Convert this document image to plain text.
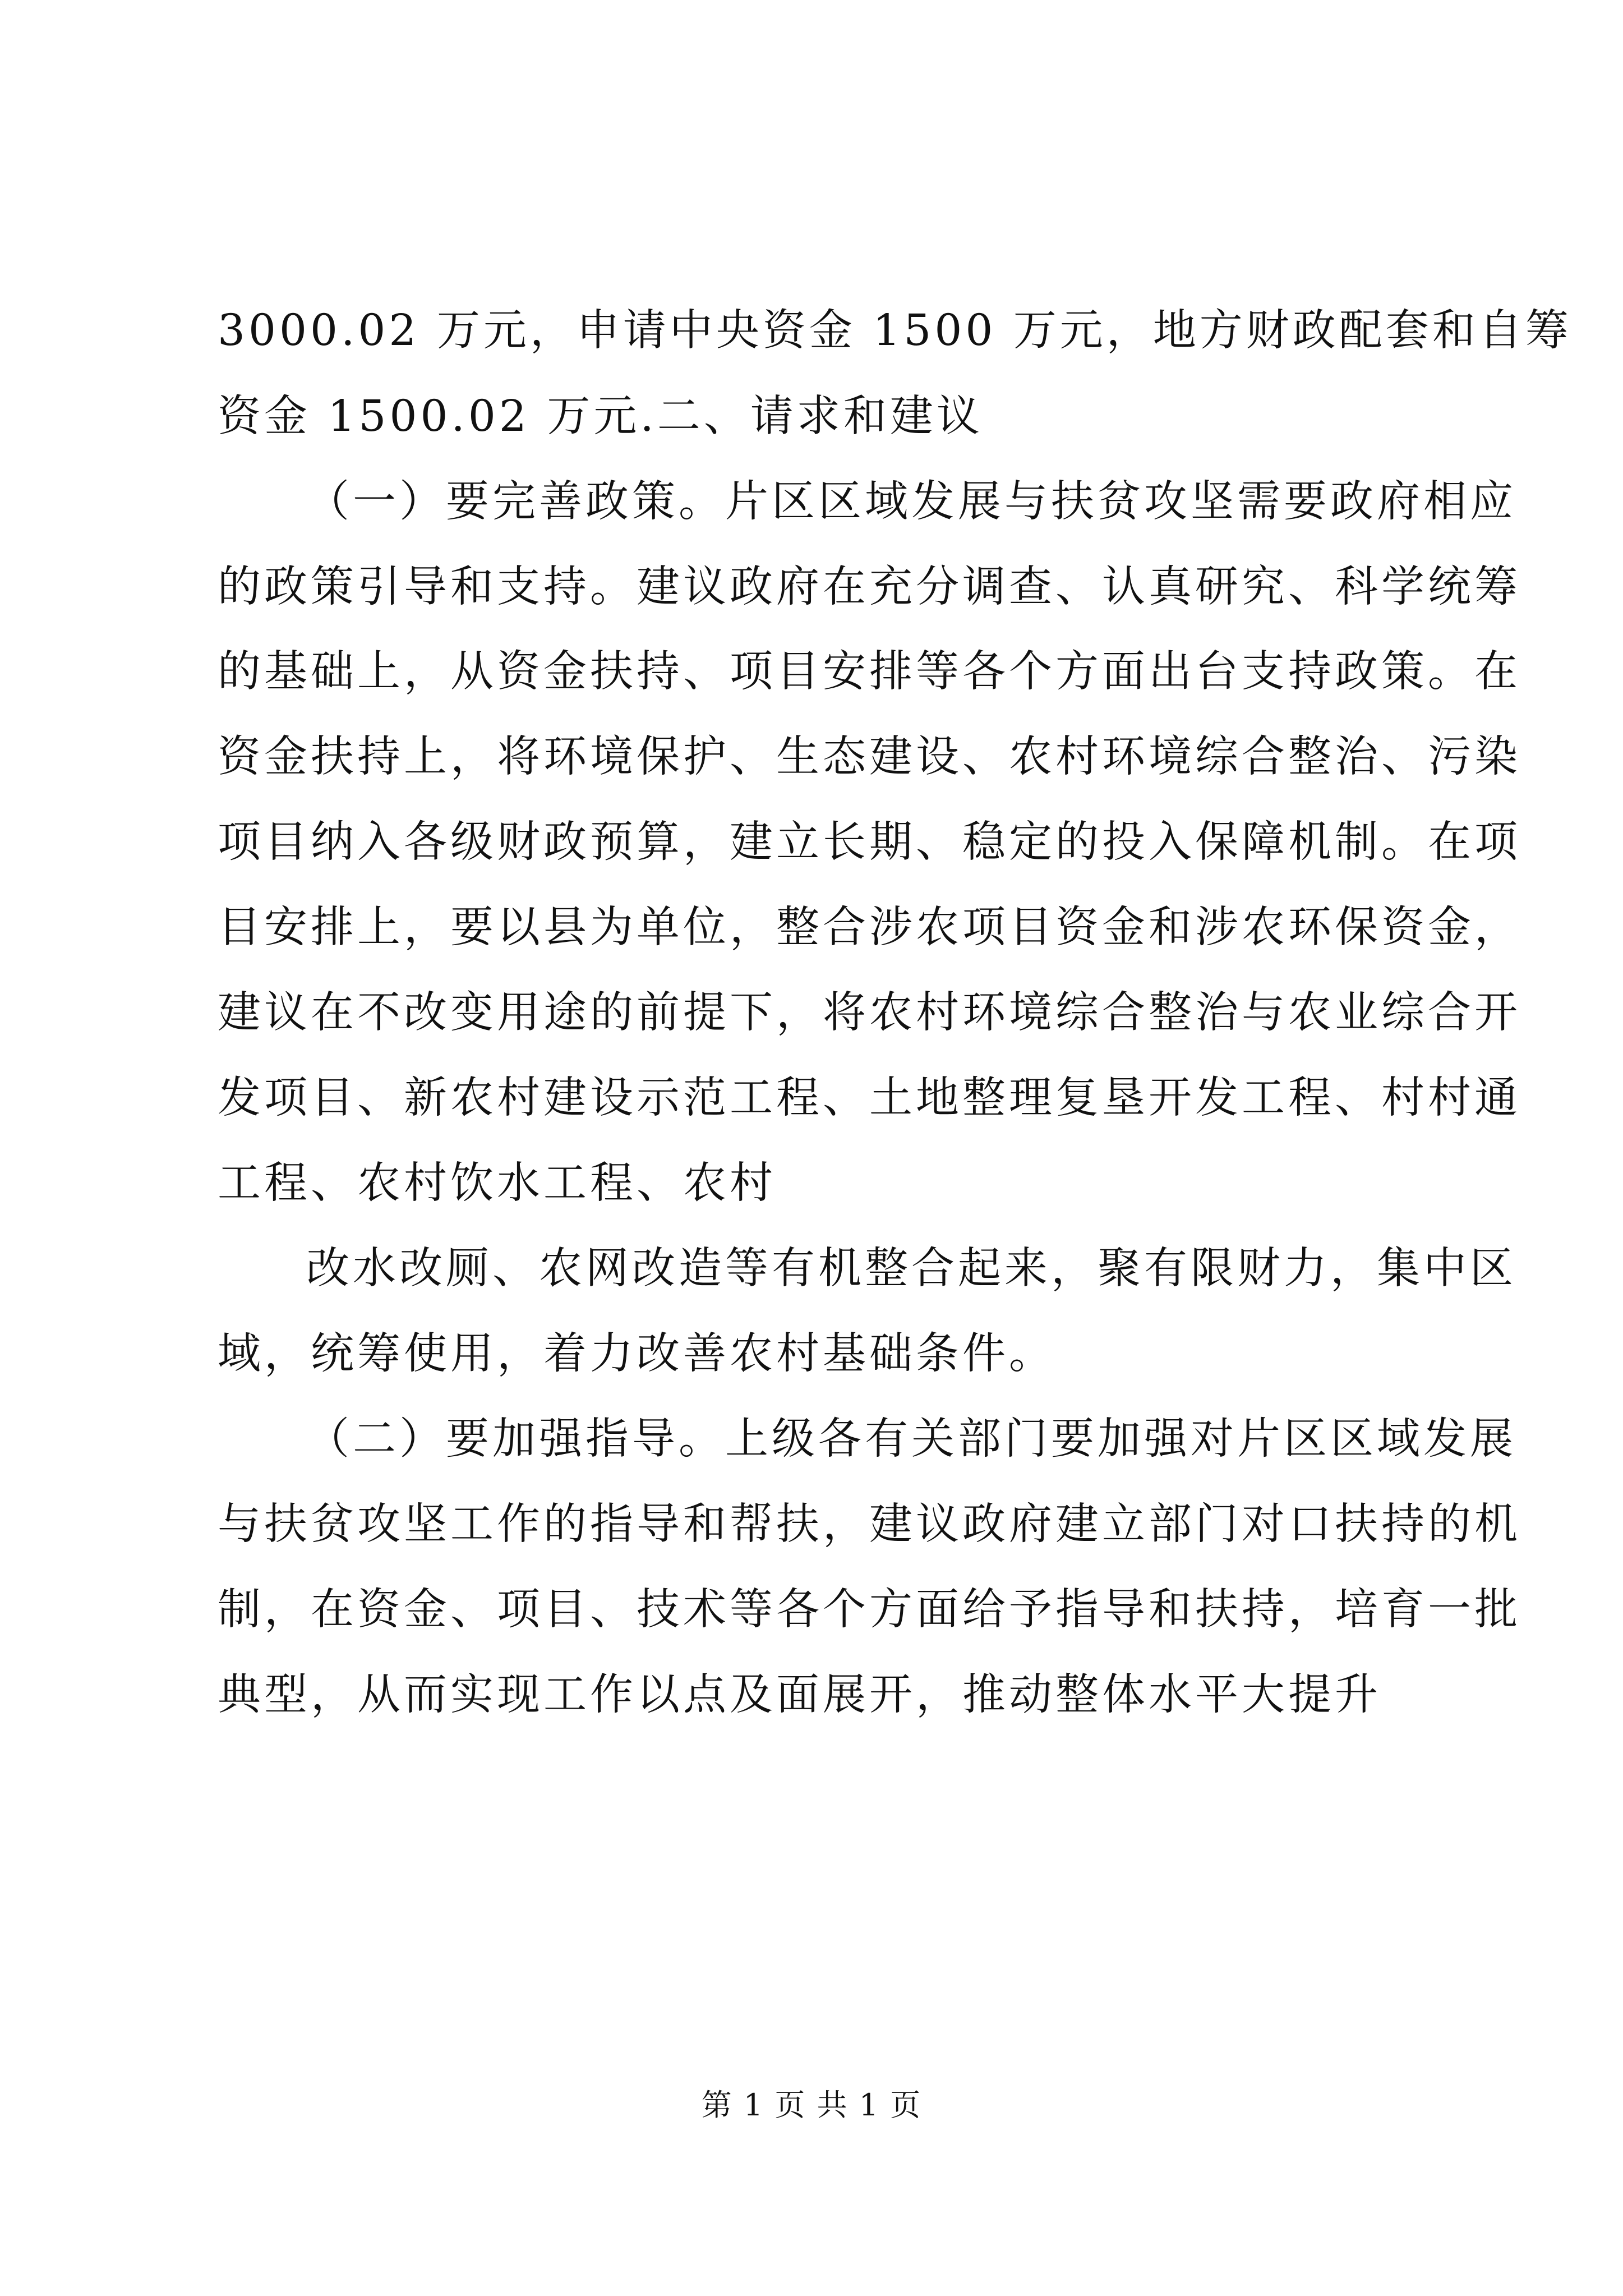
3000.02 万元，申请中央资金 1500 万元，地方财政配套和自筹
资金 1500.02 万元.二、请求和建议
（一）要完善政策。片区区域发展与扶贫攻坚需要政府相应
的政策引导和支持。建议政府在充分调查、认真研究、科学统筹
的基础上，从资金扶持、项目安排等各个方面出台支持政策。在
资金扶持上，将环境保护、生态建设、农村环境综合整治、污染
项目纳入各级财政预算，建立长期、稳定的投入保障机制。在项
目安排上，要以县为单位，整合涉农项目资金和涉农环保资金，
建议在不改变用途的前提下，将农村环境综合整治与农业综合开
发项目、新农村建设示范工程、土地整理复垦开发工程、村村通
工程、农村饮水工程、农村
改水改厕、农网改造等有机整合起来，聚有限财力，集中区
域，统筹使用，着力改善农村基础条件。
（二）要加强指导。上级各有关部门要加强对片区区域发展
与扶贫攻坚工作的指导和帮扶，建议政府建立部门对口扶持的机
制，在资金、项目、技术等各个方面给予指导和扶持，培育一批
典型，从而实现工作以点及面展开，推动整体水平大提升
第 1 页 共 1 页
